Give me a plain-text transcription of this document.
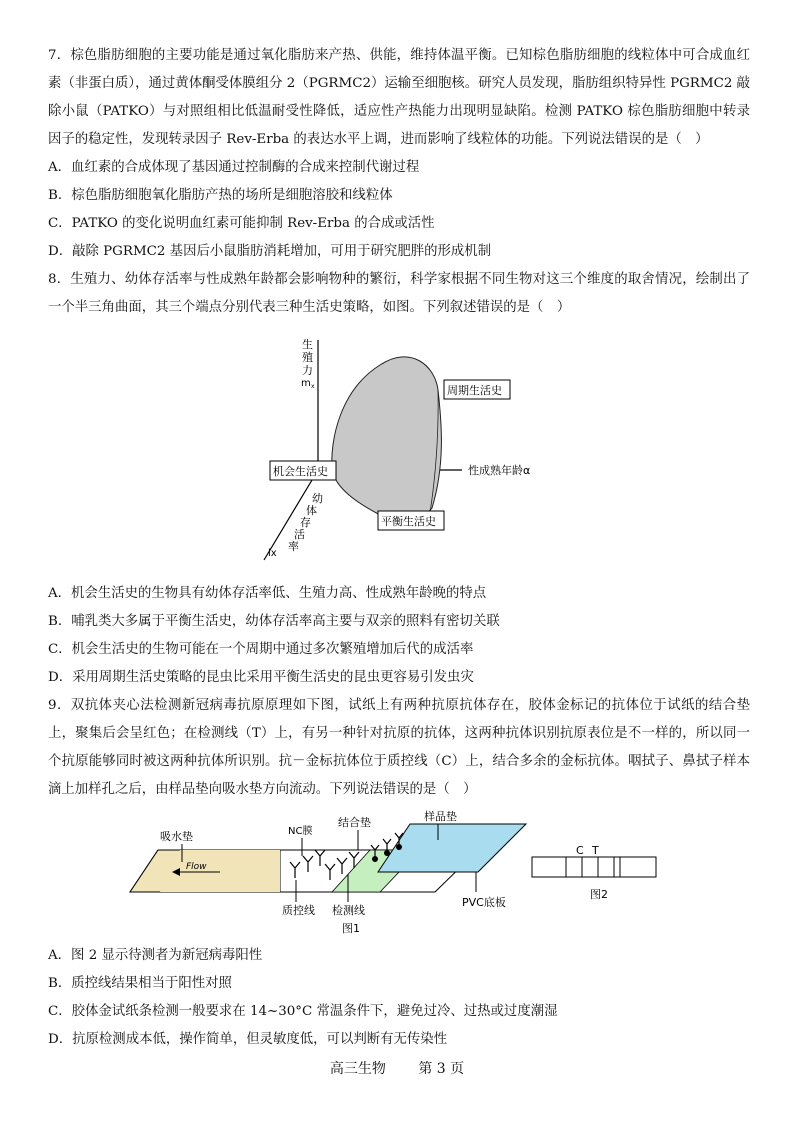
7．棕色脂肪细胞的主要功能是通过氧化脂肪来产热、供能，维持体温平衡。已知棕色脂肪细胞的线粒体中可合成血红素（非蛋白质），通过黄体酮受体膜组分 2（PGRMC2）运输至细胞核。研究人员发现，脂肪组织特异性 PGRMC2 敲除小鼠（PATKO）与对照组相比低温耐受性降低，适应性产热能力出现明显缺陷。检测 PATKO 棕色脂肪细胞中转录因子的稳定性，发现转录因子 Rev-Erba 的表达水平上调，进而影响了线粒体的功能。下列说法错误的是（　）

A．血红素的合成体现了基因通过控制酶的合成来控制代谢过程

B．棕色脂肪细胞氧化脂肪产热的场所是细胞溶胶和线粒体

C．PATKO 的变化说明血红素可能抑制 Rev-Erba 的合成或活性

D．敲除 PGRMC2 基因后小鼠脂肪消耗增加，可用于研究肥胖的形成机制

8．生殖力、幼体存活率与性成熟年龄都会影响物种的繁衍，科学家根据不同生物对这三个维度的取舍情况，绘制出了一个半三角曲面，其三个端点分别代表三种生活史策略，如图。下列叙述错误的是（　）

生
殖
力
m x
性成熟年龄α
幼
体
存
活
率
lx
周期生活史
机会生活史
平衡生活史

A．机会生活史的生物具有幼体存活率低、生殖力高、性成熟年龄晚的特点

B．哺乳类大多属于平衡生活史，幼体存活率高主要与双亲的照料有密切关联

C．机会生活史的生物可能在一个周期中通过多次繁殖增加后代的成活率

D．采用周期生活史策略的昆虫比采用平衡生活史的昆虫更容易引发虫灾

9．双抗体夹心法检测新冠病毒抗原原理如下图，试纸上有两种抗原抗体存在，胶体金标记的抗体位于试纸的结合垫上，聚集后会呈红色；在检测线（T）上，有另一种针对抗原的抗体，这两种抗体识别抗原表位是不一样的，所以同一个抗原能够同时被这两种抗体所识别。抗－金标抗体位于质控线（C）上，结合多余的金标抗体。咽拭子、鼻拭子样本滴上加样孔之后，由样品垫向吸水垫方向流动。下列说法错误的是（　）

Flow
吸水垫	NC膜
结合垫	样品垫
质控线 检测线
图1
PVC底板
C T
图2

A．图 2 显示待测者为新冠病毒阳性

B．质控线结果相当于阳性对照

C．胶体金试纸条检测一般要求在 14~30°C 常温条件下，避免过冷、过热或过度潮湿

D．抗原检测成本低，操作简单，但灵敏度低，可以判断有无传染性

高三生物 第 3 页
